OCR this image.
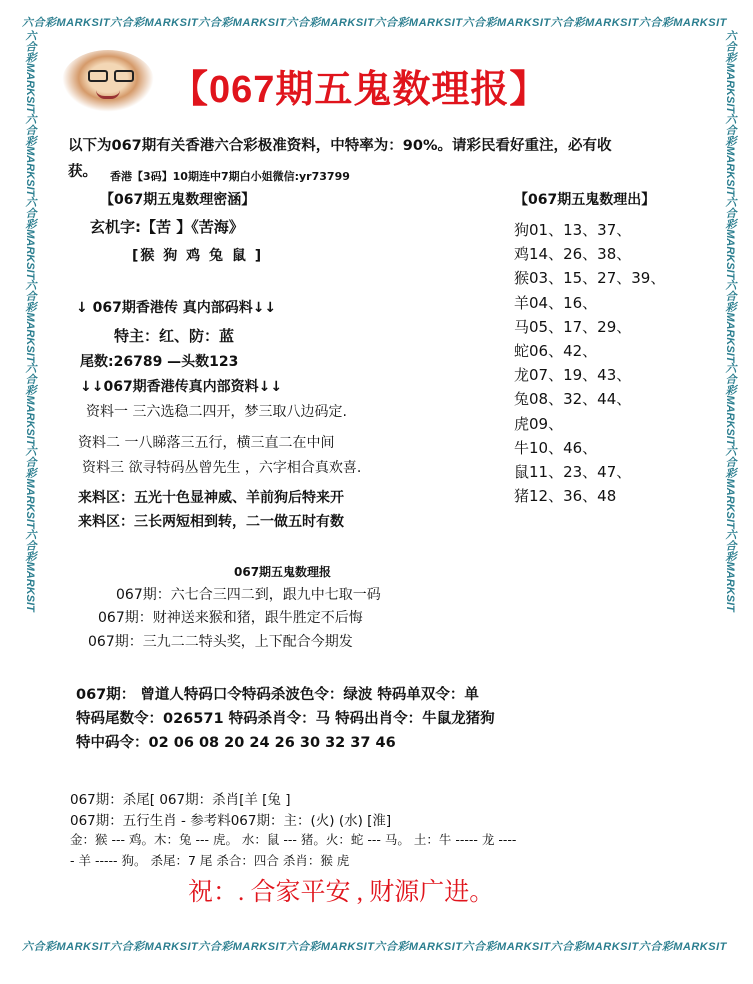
六合彩MARKSIT六合彩MARKSIT六合彩MARKSIT六合彩MARKSIT六合彩MARKSIT六合彩MARKSIT六合彩MARKSIT六合彩MARKSIT
六合彩MARKSIT六合彩MARKSIT六合彩MARKSIT六合彩MARKSIT六合彩MARKSIT六合彩MARKSIT六合彩MARKSIT六合彩MARKSIT
六合彩MARKSIT六合彩MARKSIT六合彩MARKSIT六合彩MARKSIT六合彩MARKSIT六合彩MARKSIT六合彩MARKSIT	六合彩MARKSIT六合彩MARKSIT六合彩MARKSIT六合彩MARKSIT六合彩MARKSIT六合彩MARKSIT六合彩MARKSIT
【067期五鬼数理报】
以下为067期有关香港六合彩极准资料，中特率为：90%。请彩民看好重注，必有收
获。 香港【3码】10期连中7期白小姐微信:yr73799
【067期五鬼数理密涵】
玄机字:【苦 】《苦海》
[猴 狗 鸡 兔 鼠 ]
↓ 067期香港传 真内部码料↓↓
特主：红、防：蓝
尾数:26789 —头数123
↓↓067期香港传真内部资料↓↓
资料一 三六选稳二四开，梦三取八边码定.
资料二 一八睇落三五行，横三直二在中间
资料三 欲寻特码丛曾先生 ，六字相合真欢喜.
来料区：五光十色显神威、羊前狗后特来开
来料区：三长两短相到转，二一做五时有数
067期五鬼数理报
067期：六七合三四二到，跟九中七取一码
067期：财神送来猴和猪，跟牛胜定不后悔
067期：三九二二特头奖，上下配合今期发
【067期五鬼数理出】
狗01、13、37、
鸡14、26、38、
猴03、15、27、39、
羊04、16、
马05、17、29、
蛇06、42、
龙07、19、43、
兔08、32、44、
虎09、
牛10、46、
鼠11、23、47、
猪12、36、48
067期： 曾道人特码口令特码杀波色令：绿波 特码单双令：单
特码尾数令：026571 特码杀肖令：马 特码出肖令：牛鼠龙猪狗
特中码令：02 06 08 20 24 26 30 32 37 46
067期：杀尾[ 067期：杀肖[羊 [兔 ]
067期：五行生肖 - 参考料067期：主：(火) (水) [淮]
金：猴 --- 鸡。木：兔 --- 虎。 水：鼠 --- 猪。火：蛇 --- 马。 土：牛 ----- 龙 ----
- 羊 ----- 狗。 杀尾：7 尾 杀合：四合 杀肖：猴 虎
祝：. 合家平安 , 财源广进。
